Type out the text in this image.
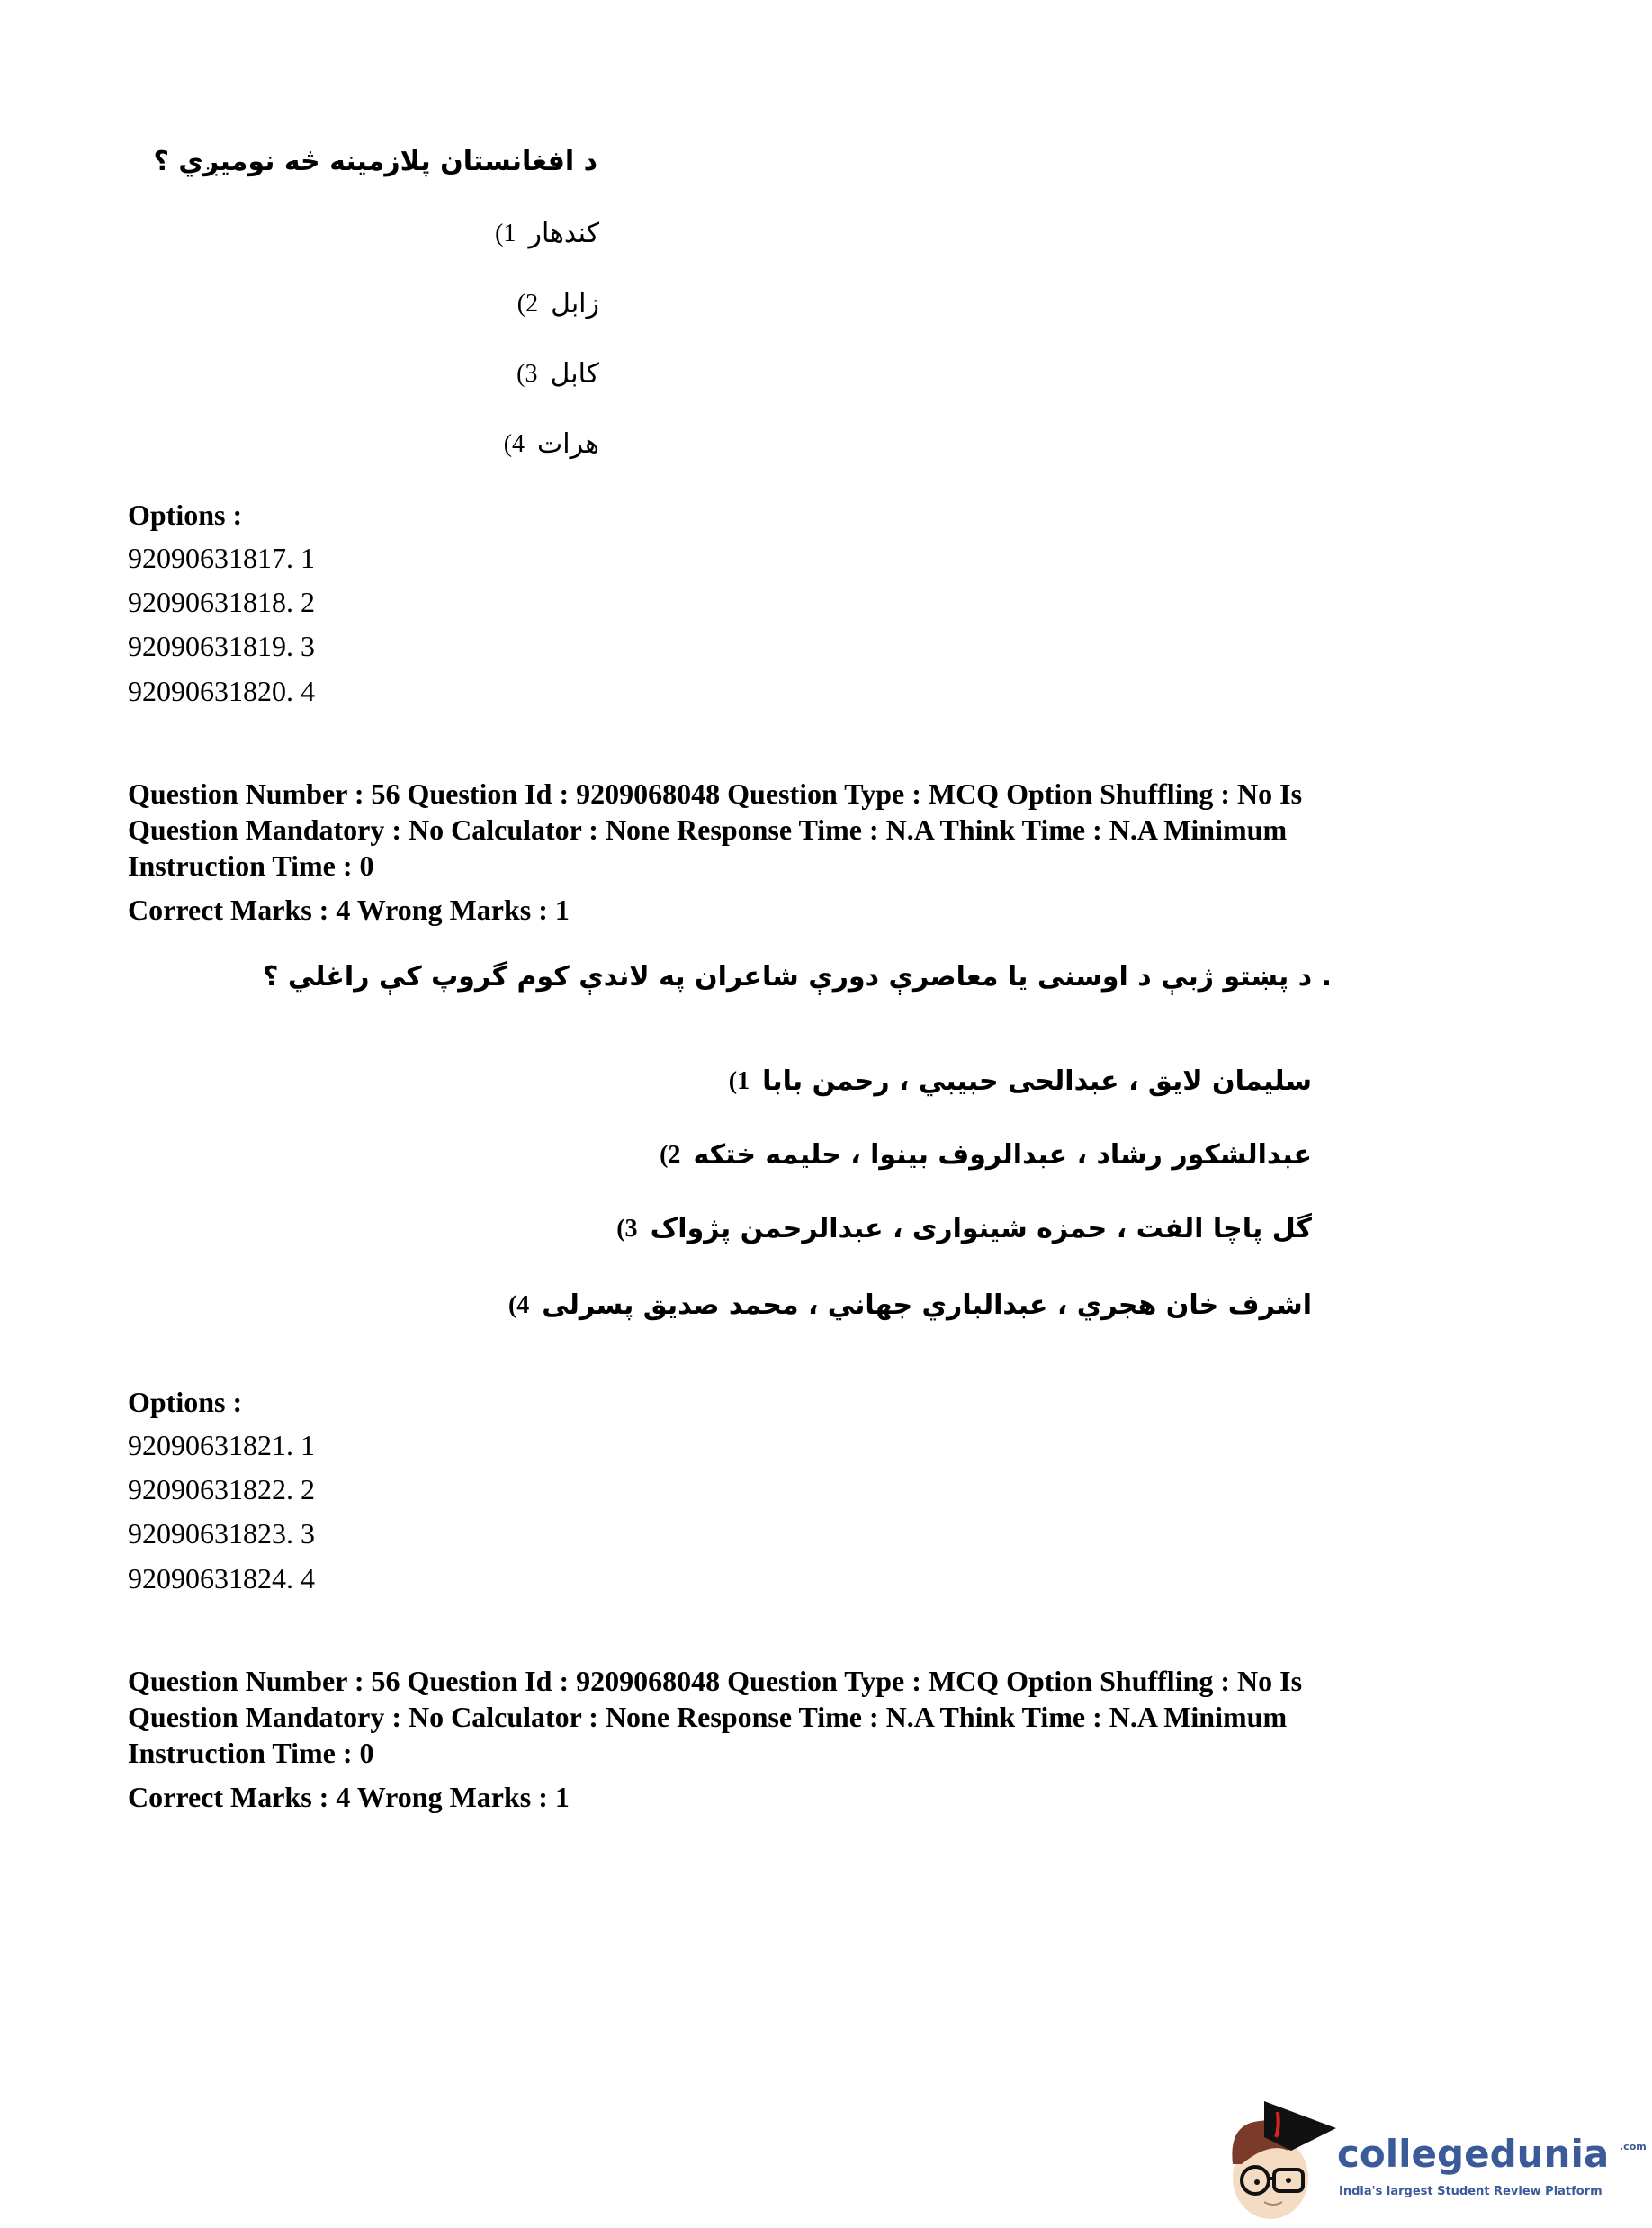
د افغانستان پلازمینه څه نومیږي ؟
(1 كندهار
(2 زابل
(3 كابل
(4 هرات
Options :
92090631817. 1
92090631818. 2
92090631819. 3
92090631820. 4
Question Number : 56 Question Id : 9209068048 Question Type : MCQ Option Shuffling : No Is
Question Mandatory : No Calculator : None Response Time : N.A Think Time : N.A Minimum
Instruction Time : 0
Correct Marks : 4 Wrong Marks : 1
. د پښتو ژبې د اوسنی یا معاصرې دورې شاعران په لاندې کوم گروپ کې راغلي ؟
(1 سلیمان لایق ، عبدالحی حبیبي ، رحمن بابا
(2 عبدالشکور رشاد ، عبدالروف بینوا ، حلیمه ختکه
(3 گل پاچا الفت ، حمزه شینواری ، عبدالرحمن پژواک
(4 اشرف خان هجري ، عبدالباري جهاني ، محمد صدیق پسرلی
Options :
92090631821. 1
92090631822. 2
92090631823. 3
92090631824. 4
Question Number : 56 Question Id : 9209068048 Question Type : MCQ Option Shuffling : No Is
Question Mandatory : No Calculator : None Response Time : N.A Think Time : N.A Minimum
Instruction Time : 0
Correct Marks : 4 Wrong Marks : 1
collegedunia .com
India's largest Student Review Platform
